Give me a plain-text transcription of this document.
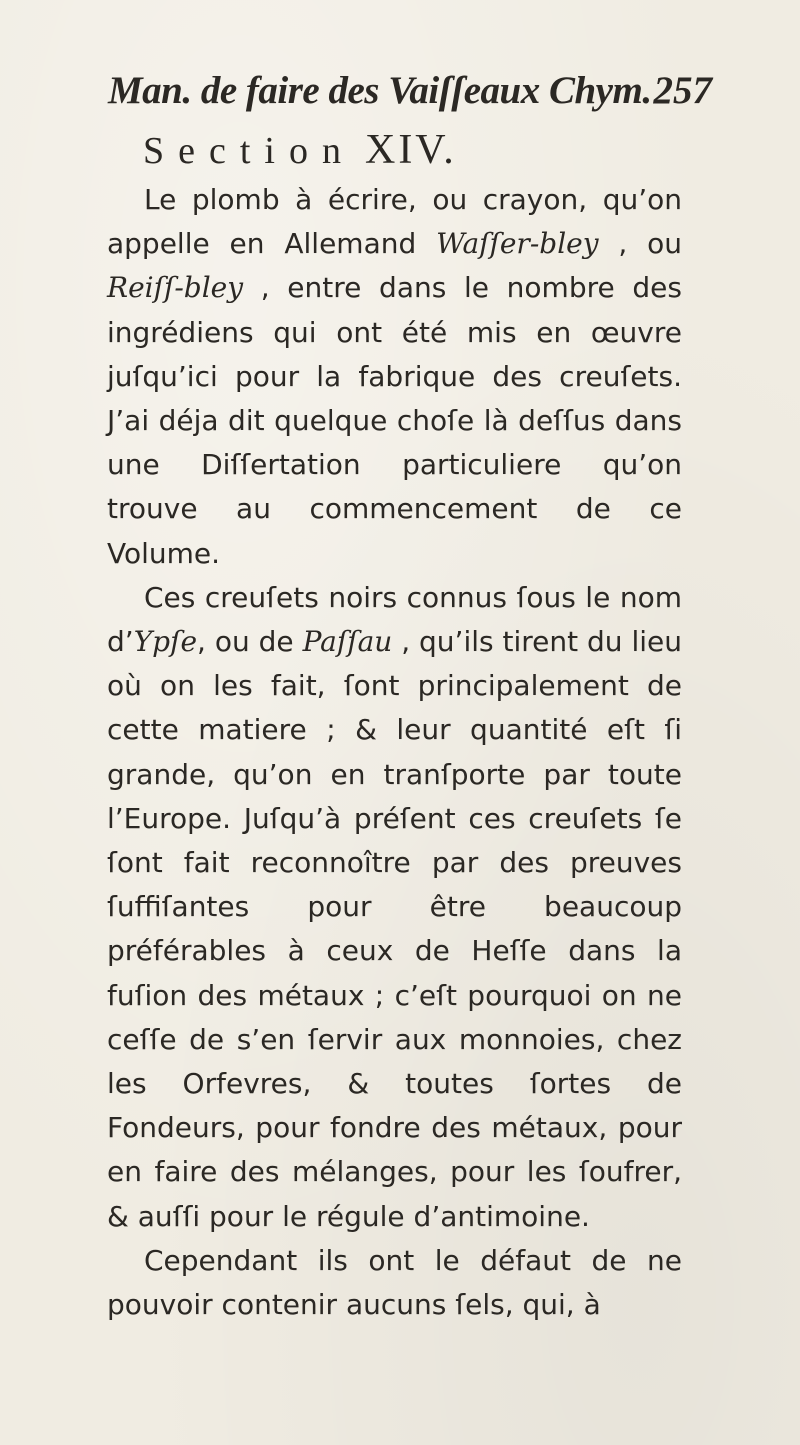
Man. de faire des Vaiſſeaux Chym. 257
Section XIV.

Le plomb à écrire, ou crayon, qu’on appelle en Allemand Waſſer-bley , ou Reiſſ-bley , entre dans le nombre des ingrédiens qui ont été mis en œuvre juſqu’ici pour la fabrique des creuſets. J’ai déja dit quelque choſe là deſſus dans une Diſſertation particuliere qu’on trouve au commencement de ce Volume.

Ces creuſets noirs connus ſous le nom d’Ypſe, ou de Paſſau , qu’ils tirent du lieu où on les fait, ſont principalement de cette matiere ; & leur quantité eſt ſi grande, qu’on en tranſporte par toute l’Europe. Juſqu’à préſent ces creuſets ſe ſont fait reconnoître par des preuves ſuffiſantes pour être beaucoup préférables à ceux de Heſſe dans la fuſion des métaux ; c’eſt pourquoi on ne ceſſe de s’en ſervir aux monnoies, chez les Orfevres, & toutes ſortes de Fondeurs, pour fondre des métaux, pour en faire des mélanges, pour les ſoufrer, & auſſi pour le régule d’antimoine.

Cependant ils ont le défaut de ne pouvoir contenir aucuns ſels, qui, à
